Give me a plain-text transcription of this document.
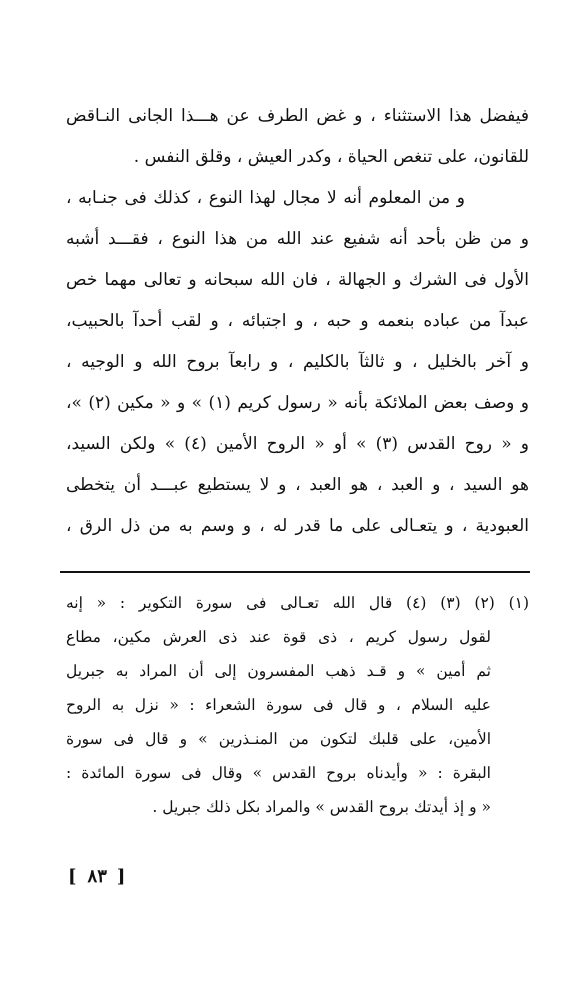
فيفضل هذا الاستثناء ، و غض الطرف عن هـــذا الجانى النـاقض
للقانون، على تنغص الحياة ، وكدر العيش ، وقلق النفس .
و من المعلوم أنه لا مجال لهذا النوع ، كذلك فى جنـابه ،
و من ظن بأحد أنه شفيع عند الله من هذا النوع ، فقـــد أشبه
الأول فى الشرك و الجهالة ، فان الله سبحانه و تعالى مهما خص
عبدآ من عباده بنعمه و حبه ، و اجتبائه ، و لقب أحدآ بالحبيب،
و آخر بالخليل ، و ثالثآ بالكليم ، و رابعآ بروح الله و الوجيه ،
و وصف بعض الملائكة بأنه « رسول كريم (١) » و « مكين (٢) »،
و « روح القدس (٣) » أو « الروح الأمين (٤) » ولكن السيد،
هو السيد ، و العبد ، هو العبد ، و لا يستطيع عبـــد أن يتخطى
العبودية ، و يتعـالى على ما قدر له ، و وسم به من ذل الرق ،
(١) (٢) (٣) (٤) قال الله تعـالى فى سورة التكوير : « إنه
لقول رسول كريم ، ذى قوة عند ذى العرش مكين، مطاع
ثم أمين » و قـد ذهب المفسرون إلى أن المراد به جبريل
عليه السلام ، و قال فى سورة الشعراء : « نزل به الروح
الأمين، على قلبك لتكون من المنـذرين » و قال فى سورة
البقرة : « وأيدناه بروح القدس » وقال فى سورة المائدة :
« و إذ أيدتك بروح القدس » والمراد بكل ذلك جبريل .
[ ٨٣ ]
